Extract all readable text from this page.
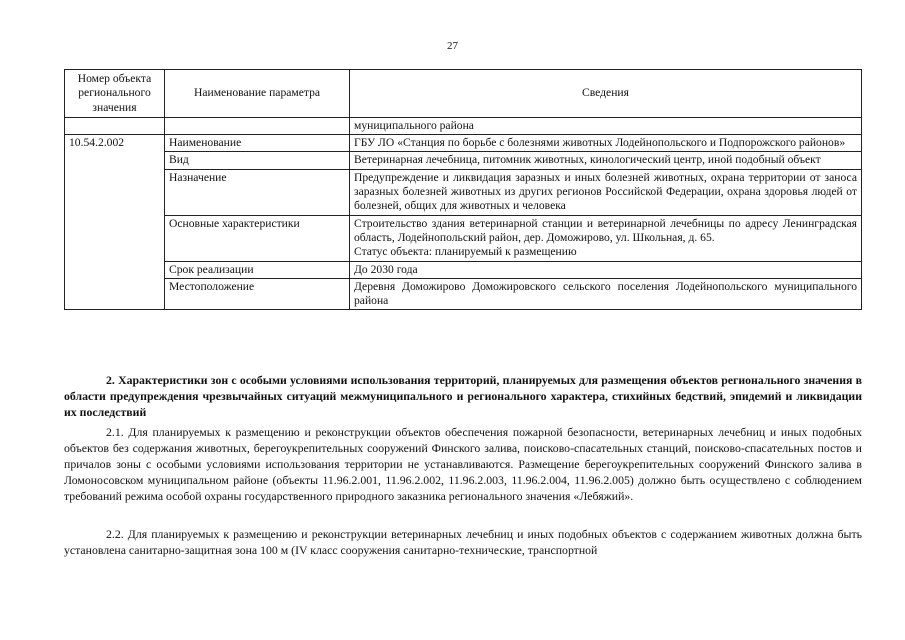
27
Номер объекта регионального значения	Наименование параметра	Сведения
		муниципального района
10.54.2.002	Наименование	ГБУ ЛО «Станция по борьбе с болезнями животных Лодейнопольского и Подпорожского районов»
	Вид	Ветеринарная лечебница, питомник животных, кинологический центр, иной подобный объект
	Назначение	Предупреждение и ликвидация заразных и иных болезней животных, охрана территории от заноса заразных болезней животных из других регионов Российской Федерации, охрана здоровья людей от болезней, общих для животных и человека
	Основные характеристики	Строительство здания ветеринарной станции и ветеринарной лечебницы по адресу Ленинградская область, Лодейнопольский район, дер. Доможирово, ул. Школьная, д. 65.
Статус объекта: планируемый к размещению

	Срок реализации	До 2030 года
	Местоположение	Деревня Доможирово Доможировского сельского поселения Лодейнопольского муниципального района
2. Характеристики зон с особыми условиями использования территорий, планируемых для размещения объектов регионального значения в области предупреждения чрезвычайных ситуаций межмуниципального и регионального характера, стихийных бедствий, эпидемий и ликвидации их последствий
2.1. Для планируемых к размещению и реконструкции объектов обеспечения пожарной безопасности, ветеринарных лечебниц и иных подобных объектов без содержания животных, берегоукрепительных сооружений Финского залива, поисково-спасательных станций, поисково-спасательных постов и причалов зоны с особыми условиями использования территории не устанавливаются. Размещение берегоукрепительных сооружений Финского залива в Ломоносовском муниципальном районе (объекты 11.96.2.001, 11.96.2.002, 11.96.2.003, 11.96.2.004, 11.96.2.005) должно быть осуществлено с соблюдением требований режима особой охраны государственного природного заказника регионального значения «Лебяжий».
2.2. Для планируемых к размещению и реконструкции ветеринарных лечебниц и иных подобных объектов с содержанием животных должна быть установлена санитарно-защитная зона 100 м (IV класс сооружения санитарно-технические, транспортной
